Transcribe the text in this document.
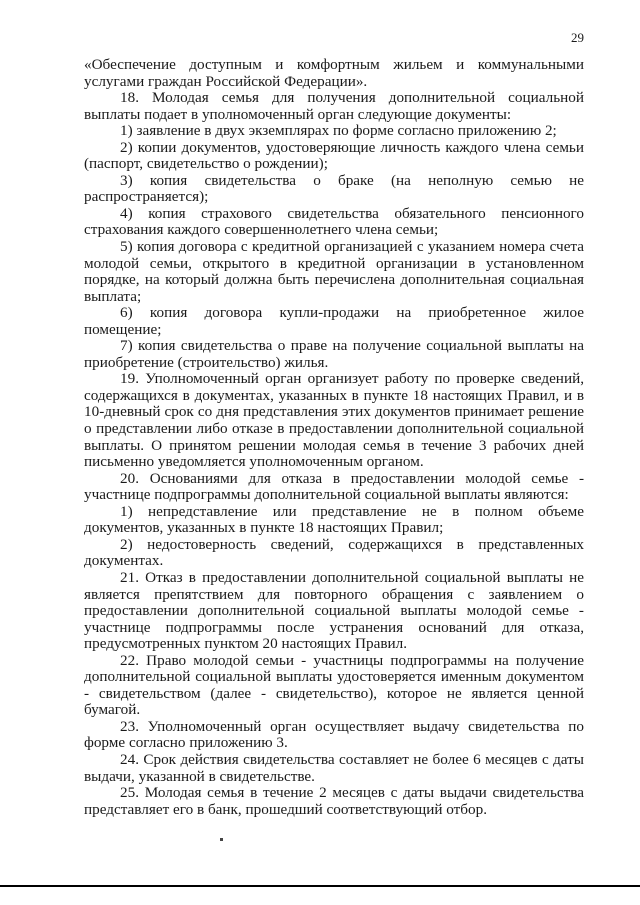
29

«Обеспечение доступным и комфортным жильем и коммунальными услугами граждан Российской Федерации».

18. Молодая семья для получения дополнительной социальной выплаты подает в уполномоченный орган следующие документы:

1) заявление в двух экземплярах по форме согласно приложению 2;

2) копии документов, удостоверяющие личность каждого члена семьи (паспорт, свидетельство о рождении);

3) копия свидетельства о браке (на неполную семью не распространяется);

4) копия страхового свидетельства обязательного пенсионного страхования каждого совершеннолетнего члена семьи;

5) копия договора с кредитной организацией с указанием номера счета молодой семьи, открытого в кредитной организации в установленном порядке, на который должна быть перечислена дополнительная социальная выплата;

6) копия договора купли-продажи на приобретенное жилое помещение;

7) копия свидетельства о праве на получение социальной выплаты на приобретение (строительство) жилья.

19. Уполномоченный орган организует работу по проверке сведений, содержащихся в документах, указанных в пункте 18 настоящих Правил, и в 10-дневный срок со дня представления этих документов принимает решение о представлении либо отказе в предоставлении дополнительной социальной выплаты. О принятом решении молодая семья в течение 3 рабочих дней письменно уведомляется уполномоченным органом.

20. Основаниями для отказа в предоставлении молодой семье - участнице подпрограммы дополнительной социальной выплаты являются:

1) непредставление или представление не в полном объеме документов, указанных в пункте 18 настоящих Правил;

2) недостоверность сведений, содержащихся в представленных документах.

21. Отказ в предоставлении дополнительной социальной выплаты не является препятствием для повторного обращения с заявлением о предоставлении дополнительной социальной выплаты молодой семье - участнице подпрограммы после устранения оснований для отказа, предусмотренных пунктом 20 настоящих Правил.

22. Право молодой семьи - участницы подпрограммы на получение дополнительной социальной выплаты удостоверяется именным документом - свидетельством (далее - свидетельство), которое не является ценной бумагой.

23. Уполномоченный орган осуществляет выдачу свидетельства по форме согласно приложению 3.

24. Срок действия свидетельства составляет не более 6 месяцев с даты выдачи, указанной в свидетельстве.

25. Молодая семья в течение 2 месяцев с даты выдачи свидетельства представляет его в банк, прошедший соответствующий отбор.
